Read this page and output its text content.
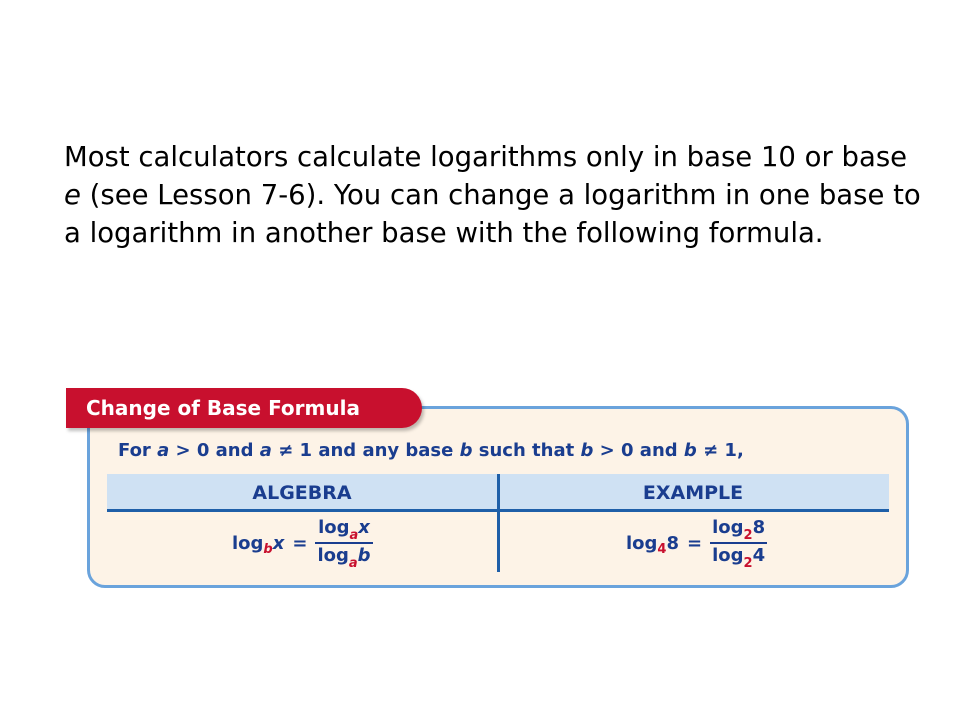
Most calculators calculate logarithms only in base 10 or base e (see Lesson 7-6). You can change a logarithm in one base to a logarithm in another base with the following formula.

Change of Base Formula
For a > 0 and a ≠ 1 and any base b such that b > 0 and b ≠ 1,
ALGEBRA	EXAMPLE
log b $x = \frac{\log_ax}{\log_ab}$	log 4 $8 = \frac{\log_28}{\log_24}$
